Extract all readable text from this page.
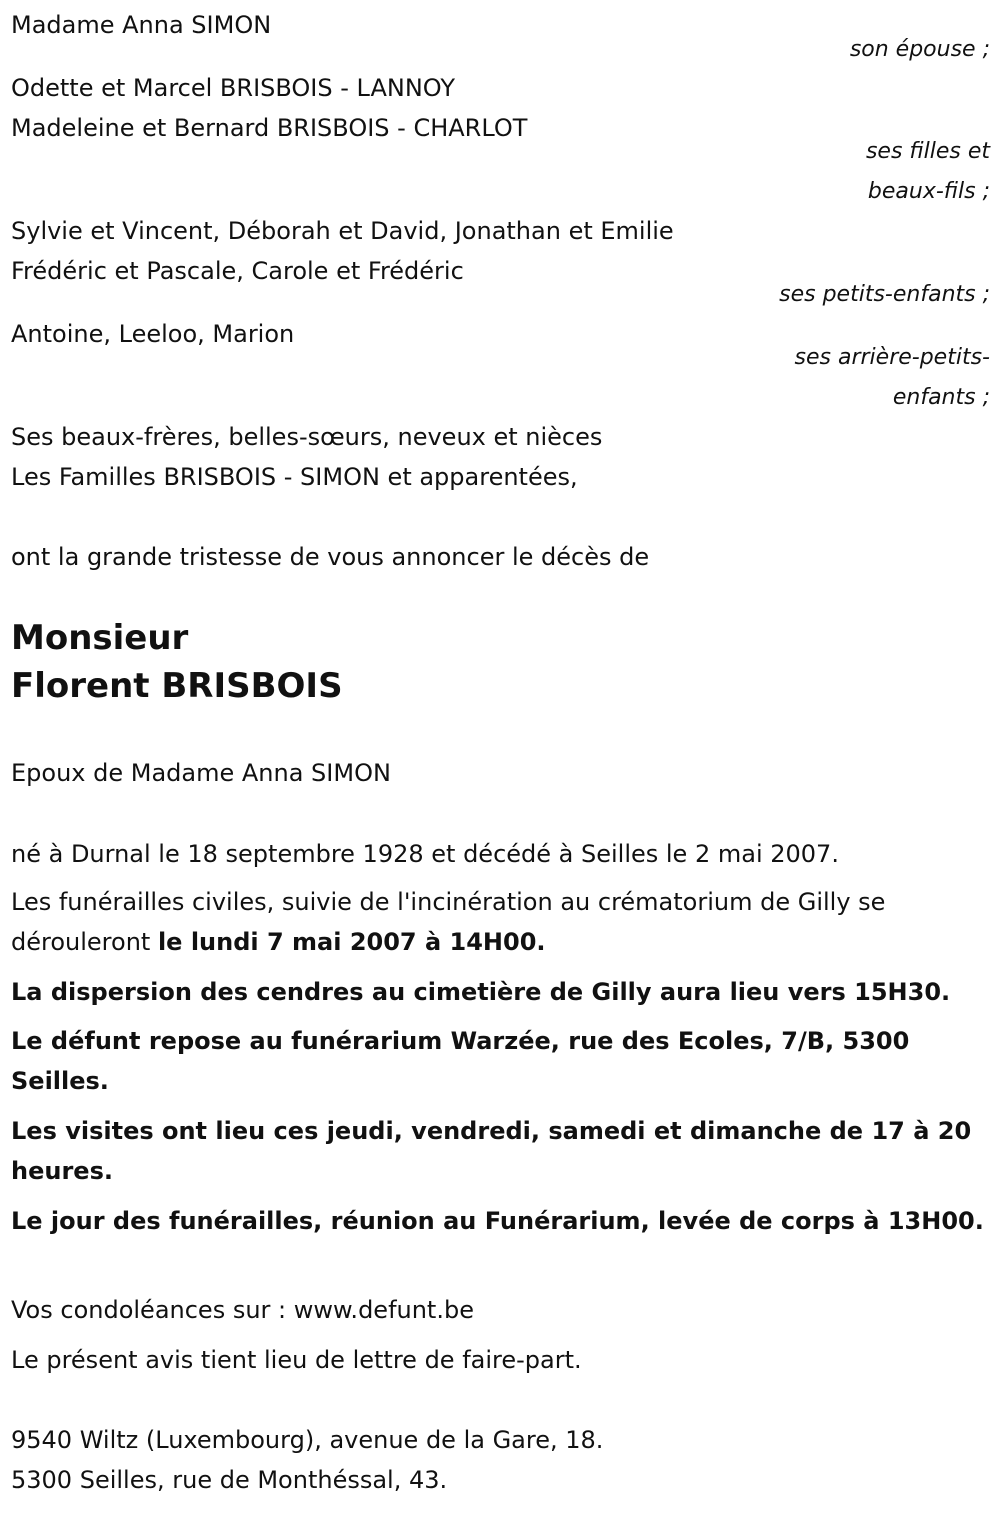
Madame Anna SIMON
son épouse ;
Odette et Marcel BRISBOIS - LANNOY
Madeleine et Bernard BRISBOIS - CHARLOT
ses filles et
beaux-fils ;
Sylvie et Vincent, Déborah et David, Jonathan et Emilie
Frédéric et Pascale, Carole et Frédéric
ses petits-enfants ;
Antoine, Leeloo, Marion
ses arrière-petits-
enfants ;
Ses beaux-frères, belles-sœurs, neveux et nièces
Les Familles BRISBOIS - SIMON et apparentées,
ont la grande tristesse de vous annoncer le décès de
Monsieur
Florent BRISBOIS
Epoux de Madame Anna SIMON
né à Durnal le 18 septembre 1928 et décédé à Seilles le 2 mai 2007.
Les funérailles civiles, suivie de l'incinération au crématorium de Gilly se dérouleront le lundi 7 mai 2007 à 14H00.
La dispersion des cendres au cimetière de Gilly aura lieu vers 15H30.
Le défunt repose au funérarium Warzée, rue des Ecoles, 7/B, 5300 Seilles.
Les visites ont lieu ces jeudi, vendredi, samedi et dimanche de 17 à 20 heures.
Le jour des funérailles, réunion au Funérarium, levée de corps à 13H00.
Vos condoléances sur : www.defunt.be
Le présent avis tient lieu de lettre de faire-part.
9540 Wiltz (Luxembourg), avenue de la Gare, 18.
5300 Seilles, rue de Monthéssal, 43.
